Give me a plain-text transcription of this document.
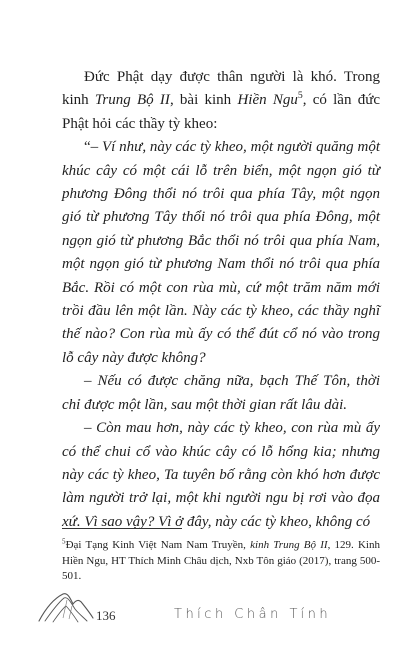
Đức Phật dạy được thân người là khó. Trong kinh Trung Bộ II, bài kinh Hiền Ngu$^5$, có lần đức Phật hỏi các thầy tỳ kheo:

“– Ví như, này các tỳ kheo, một người quăng một khúc cây có một cái lỗ trên biển, một ngọn gió từ phương Đông thổi nó trôi qua phía Tây, một ngọn gió từ phương Tây thổi nó trôi qua phía Đông, một ngọn gió từ phương Bắc thổi nó trôi qua phía Nam, một ngọn gió từ phương Nam thổi nó trôi qua phía Bắc. Rồi có một con rùa mù, cứ một trăm năm mới trồi đầu lên một lần. Này các tỳ kheo, các thầy nghĩ thế nào? Con rùa mù ấy có thể đút cổ nó vào trong lỗ cây này được không?

– Nếu có được chăng nữa, bạch Thế Tôn, thời chỉ được một lần, sau một thời gian rất lâu dài.

– Còn mau hơn, này các tỳ kheo, con rùa mù ấy có thể chui cổ vào khúc cây có lỗ hổng kia; nhưng này các tỳ kheo, Ta tuyên bố rằng còn khó hơn được làm người trở lại, một khi người ngu bị rơi vào đọa xứ. Vì sao vậy? Vì ở đây, này các tỳ kheo, không có

$^5$Đại Tạng Kinh Việt Nam Nam Truyền, kinh Trung Bộ II, 129. Kinh Hiền Ngu, HT Thích Minh Châu dịch, Nxb Tôn giáo (2017), trang 500-501.

136	Thích Chân Tính
